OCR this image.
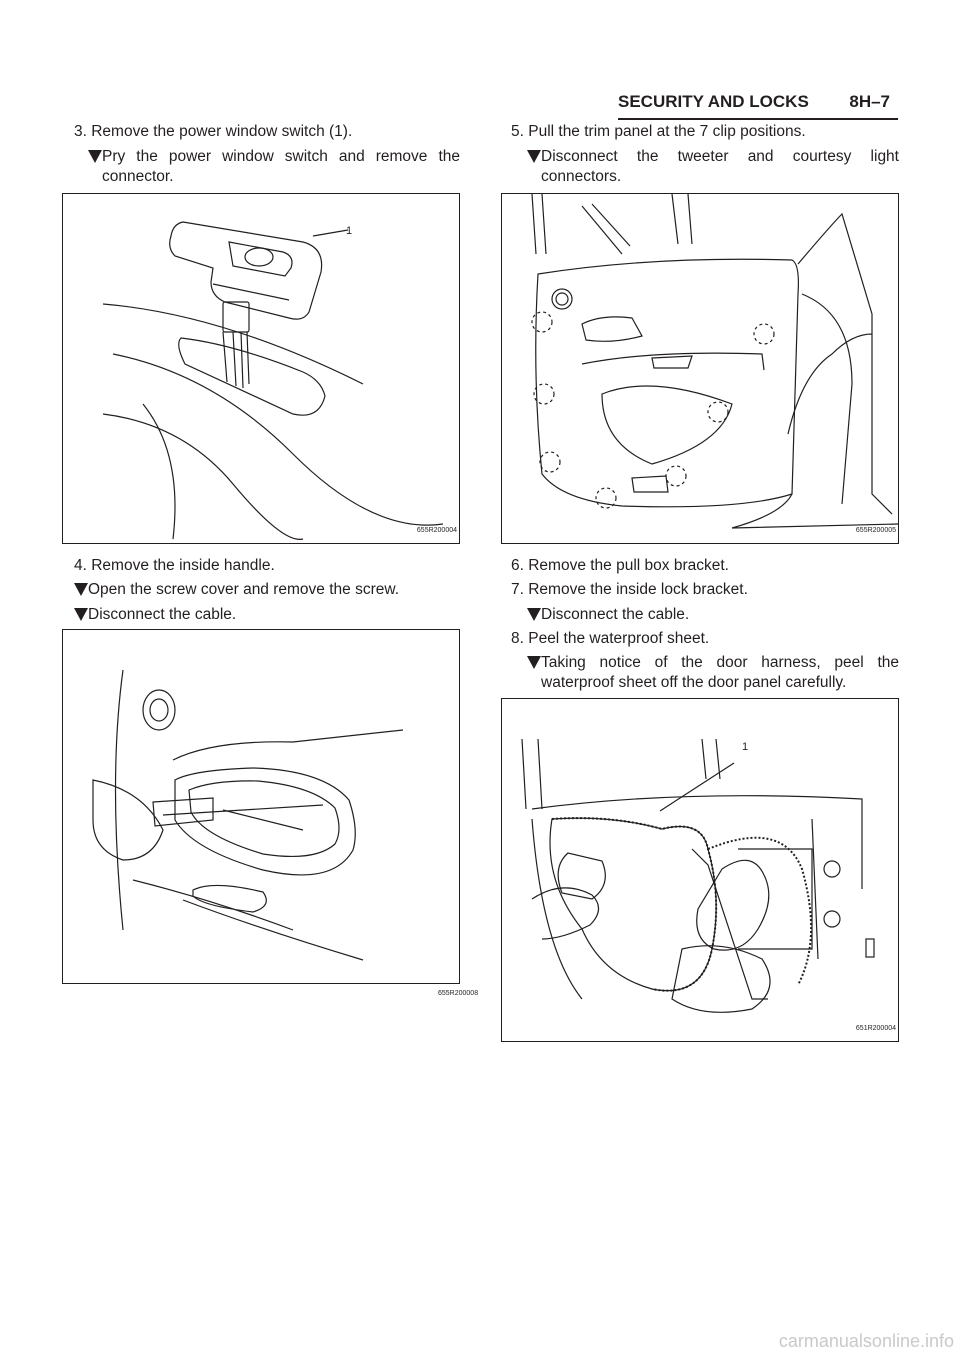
SECURITY AND LOCKS 8H–7
3. Remove the power window switch (1).
Pry the power window switch and remove the
connector.
1
655R200004
4. Remove the inside handle.
Open the screw cover and remove the screw.
Disconnect the cable.
655R200008
5. Pull the trim panel at the 7 clip positions.
Disconnect the tweeter and courtesy light
connectors.
655R200005
6. Remove the pull box bracket.
7. Remove the inside lock bracket.
Disconnect the cable.
8. Peel the waterproof sheet.
Taking notice of the door harness, peel the
waterproof sheet off the door panel carefully.
1
651R200004
carmanualsonline.info
